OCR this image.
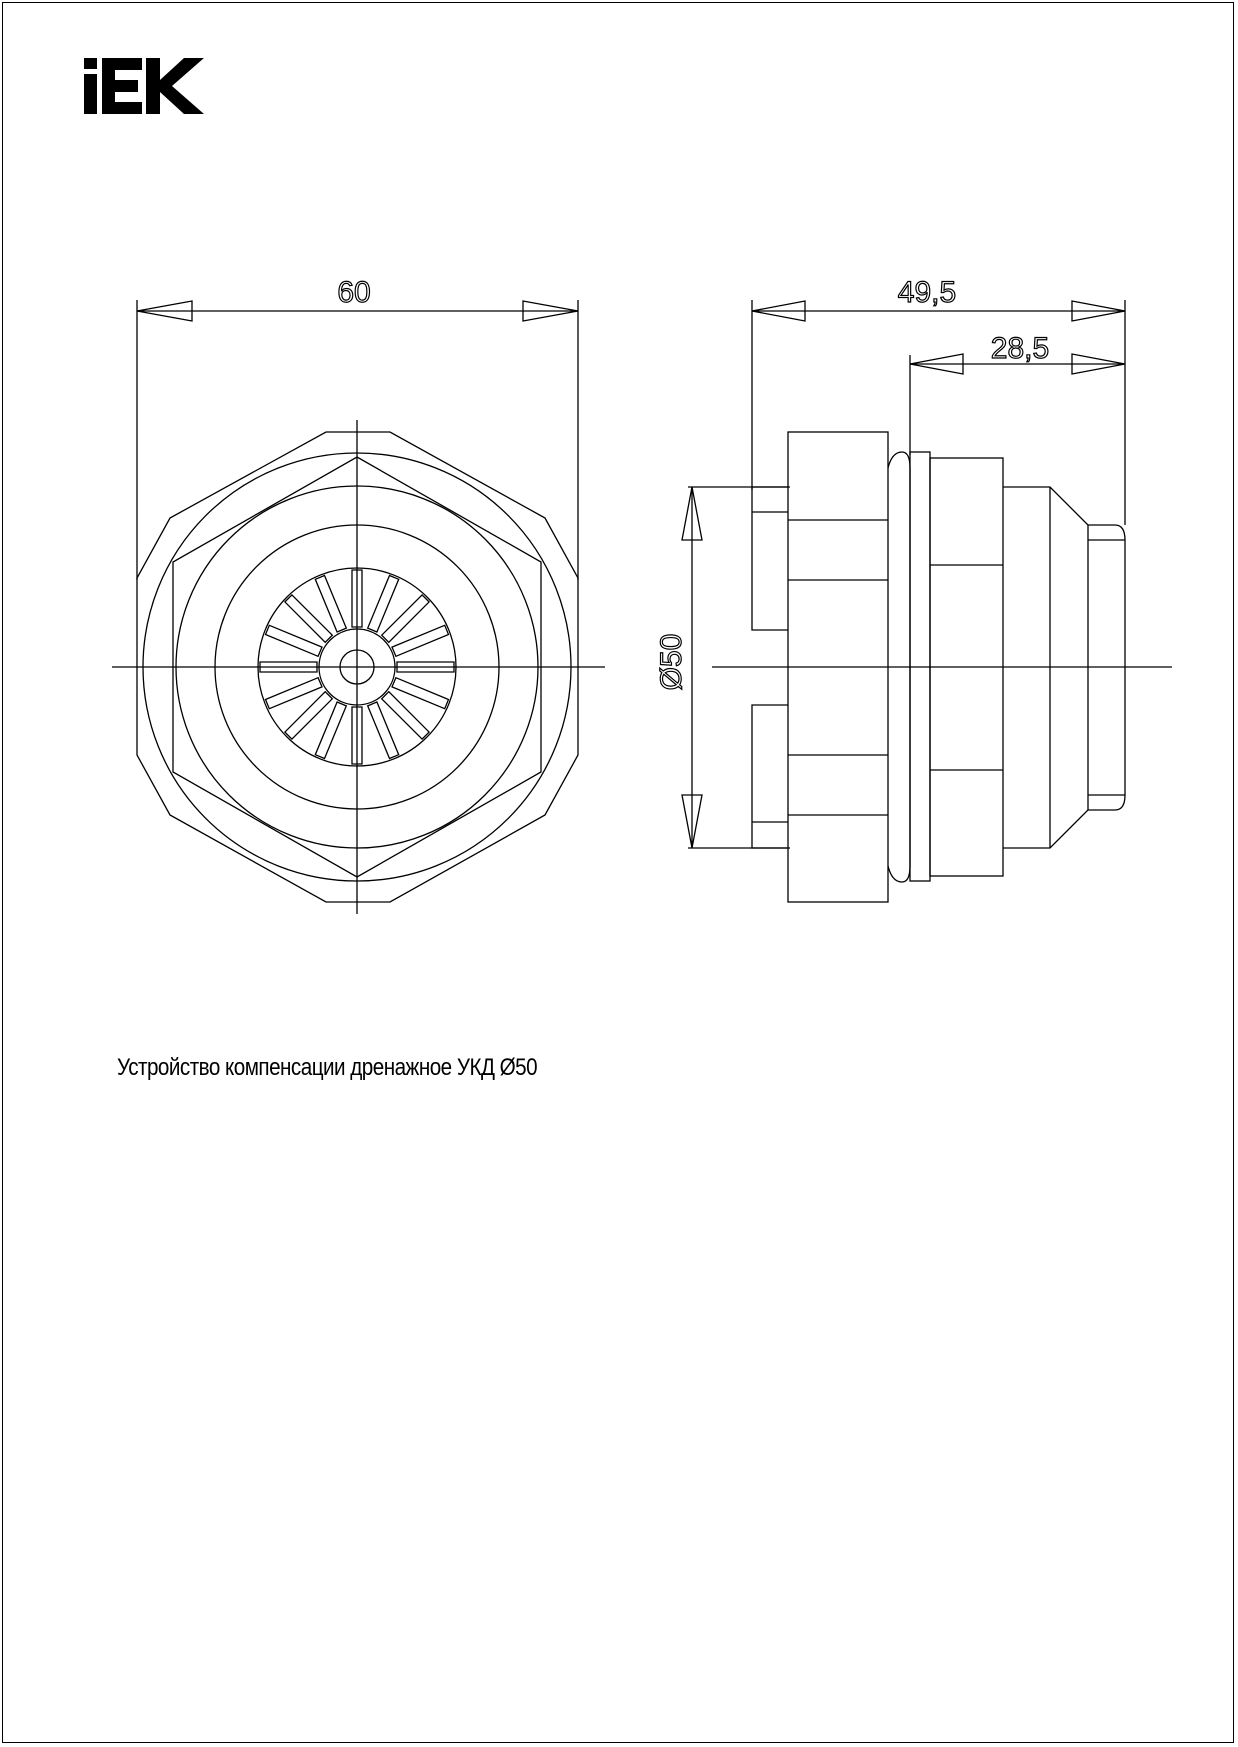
60	49,5
28,5
Ø50
Устройство компенсации дренажное УКД Ø50
